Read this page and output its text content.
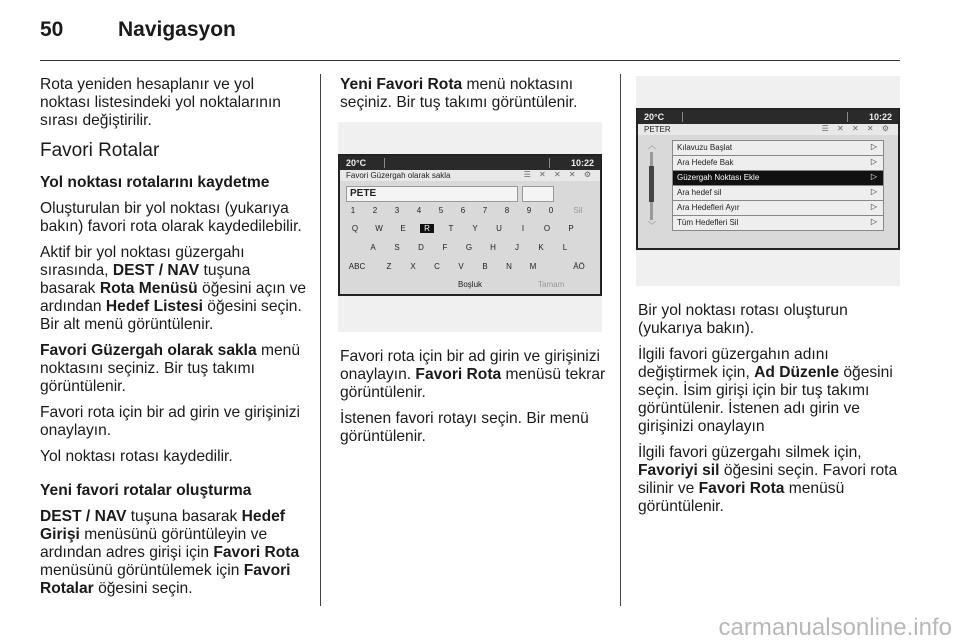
50	Navigasyon

Rota yeniden hesaplanır ve yol noktası listesindeki yol noktalarının sırası değiştirilir.

Favori Rotalar

Yol noktası rotalarını kaydetme

Oluşturulan bir yol noktası (yukarıya bakın) favori rota olarak kaydedilebilir.

Aktif bir yol noktası güzergahı sırasında, DEST / NAV tuşuna basarak Rota Menüsü öğesini açın ve ardından Hedef Listesi öğesini seçin. Bir alt menü görüntülenir.

Favori Güzergah olarak sakla menü noktasını seçiniz. Bir tuş takımı görüntülenir.

Favori rota için bir ad girin ve girişinizi onaylayın.

Yol noktası rotası kaydedilir.

Yeni favori rotalar oluşturma

DEST / NAV tuşuna basarak Hedef Girişi menüsünü görüntüleyin ve ardından adres girişi için Favori Rota menüsünü görüntülemek için Favori Rotalar öğesini seçin.

Yeni Favori Rota menü noktasını seçiniz. Bir tuş takımı görüntülenir.

20°C	10:22
Favori Güzergah olarak sakla	☰ ✕ ✕ ✕ ⚙
PETE
1	2	3	4	5	6	7	8	9	0	Sil
Q	W	E	R	T	Y	U	I	O	P
A	S	D	F	G	H	J	K	L
ABC	Z	X	C	V	B	N	M	ÄÖ
Boşluk	Tamam

Favori rota için bir ad girin ve girişinizi onaylayın. Favori Rota menüsü tekrar görüntülenir.

İstenen favori rotayı seçin. Bir menü görüntülenir.

20°C	10:22
PETER	☰ ✕ ✕ ✕ ⚙
︿
﹀
Kılavuzu Başlat	▷
Ara Hedefe Bak	▷
Güzergah Noktası Ekle	▷
Ara hedef sil	▷
Ara Hedefleri Ayır	▷
Tüm Hedefleri Sil	▷

Bir yol noktası rotası oluşturun (yukarıya bakın).

İlgili favori güzergahın adını değiştirmek için, Ad Düzenle öğesini seçin. İsim girişi için bir tuş takımı görüntülenir. İstenen adı girin ve girişinizi onaylayın

İlgili favori güzergahı silmek için, Favoriyi sil öğesini seçin. Favori rota silinir ve Favori Rota menüsü görüntülenir.

carmanualsonline.info
